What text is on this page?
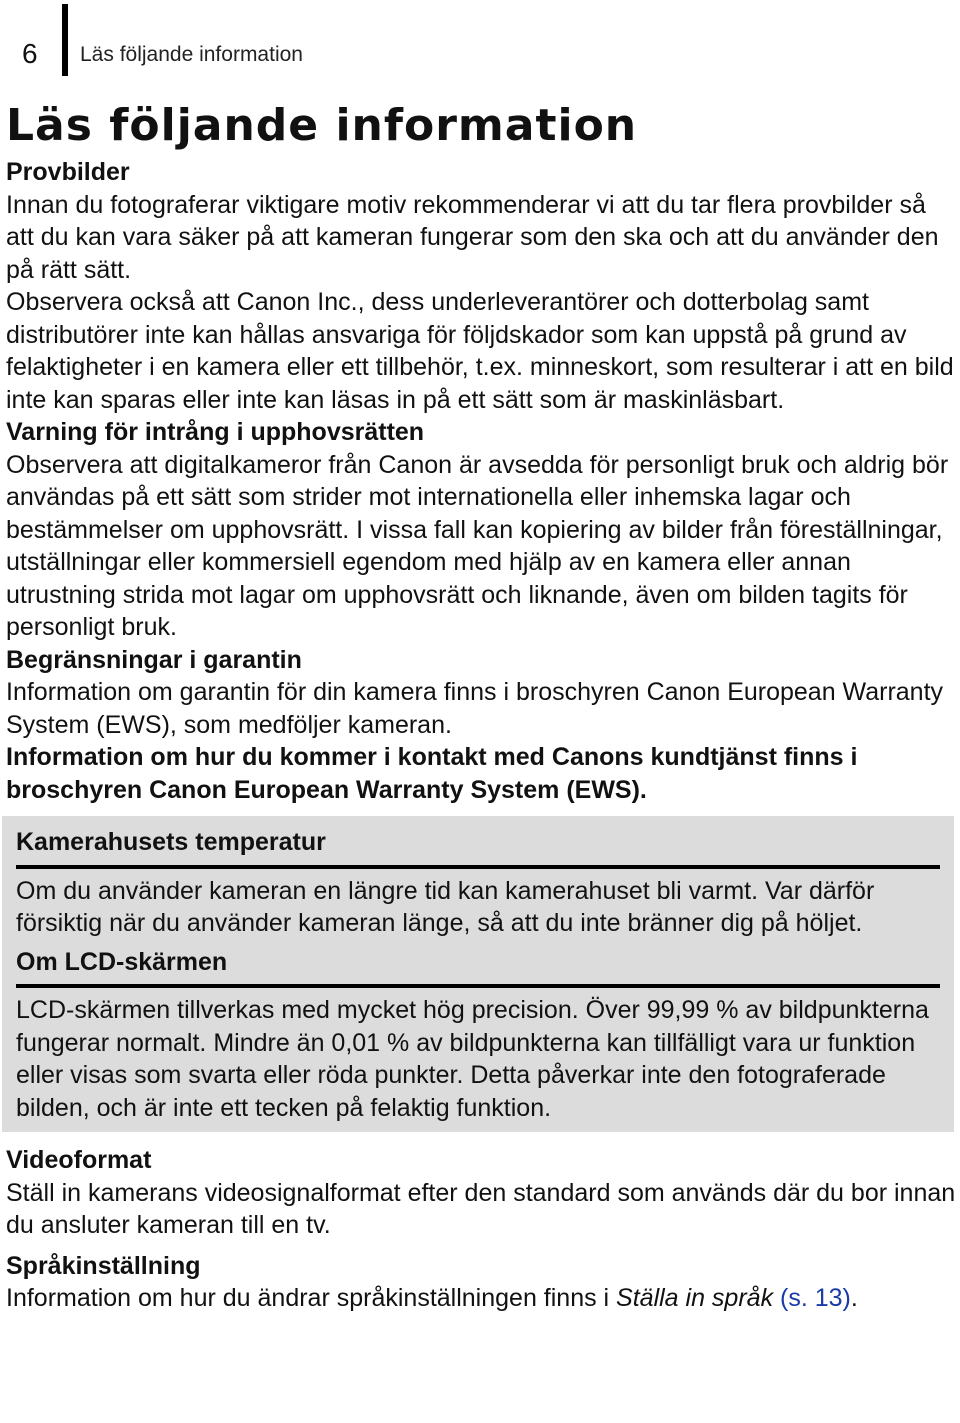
6 Läs följande information
Läs följande information
Provbilder

Innan du fotograferar viktigare motiv rekommenderar vi att du tar flera provbilder så att du kan vara säker på att kameran fungerar som den ska och att du använder den på rätt sätt.

Observera också att Canon Inc., dess underleverantörer och dotterbolag samt distributörer inte kan hållas ansvariga för följdskador som kan uppstå på grund av felaktigheter i en kamera eller ett tillbehör, t.ex. minneskort, som resulterar i att en bild inte kan sparas eller inte kan läsas in på ett sätt som är maskinläsbart.

Varning för intrång i upphovsrätten

Observera att digitalkameror från Canon är avsedda för personligt bruk och aldrig bör användas på ett sätt som strider mot internationella eller inhemska lagar och bestämmelser om upphovsrätt. I vissa fall kan kopiering av bilder från föreställningar, utställningar eller kommersiell egendom med hjälp av en kamera eller annan utrustning strida mot lagar om upphovsrätt och liknande, även om bilden tagits för personligt bruk.

Begränsningar i garantin

Information om garantin för din kamera finns i broschyren Canon European Warranty System (EWS), som medföljer kameran.

Information om hur du kommer i kontakt med Canons kundtjänst finns i broschyren Canon European Warranty System (EWS).

Kamerahusets temperatur

Om du använder kameran en längre tid kan kamerahuset bli varmt. Var därför försiktig när du använder kameran länge, så att du inte bränner dig på höljet.

Om LCD-skärmen

LCD-skärmen tillverkas med mycket hög precision. Över 99,99 % av bildpunkterna fungerar normalt. Mindre än 0,01 % av bildpunkterna kan tillfälligt vara ur funktion eller visas som svarta eller röda punkter. Detta påverkar inte den fotograferade bilden, och är inte ett tecken på felaktig funktion.

Videoformat

Ställ in kamerans videosignalformat efter den standard som används där du bor innan du ansluter kameran till en tv.

Språkinställning

Information om hur du ändrar språkinställningen finns i Ställa in språk (s. 13).
